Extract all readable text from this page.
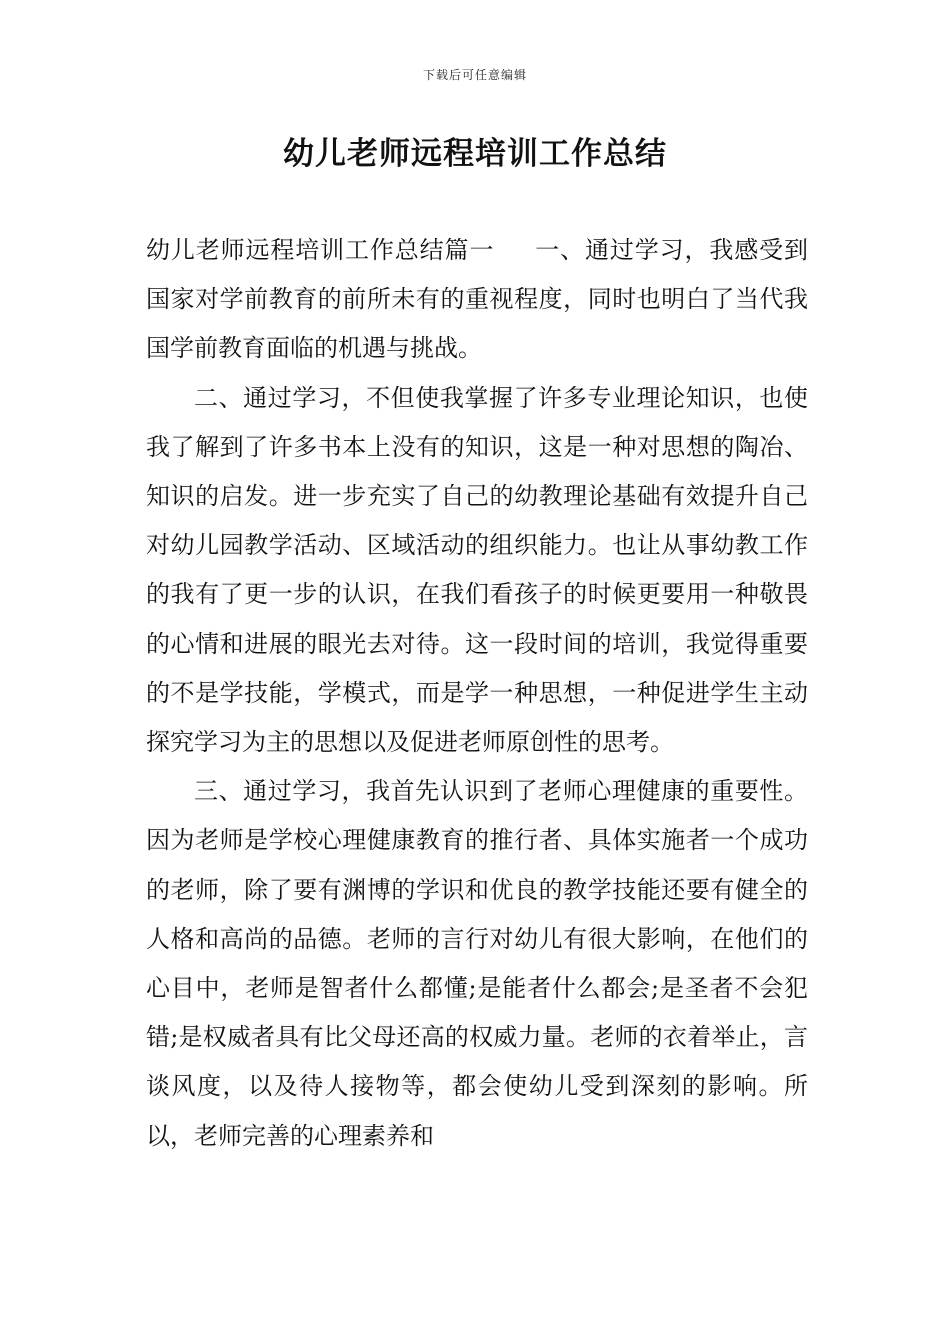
下载后可任意编辑
幼儿老师远程培训工作总结

幼儿老师远程培训工作总结篇一 一、通过学习，我感受到国家对学前教育的前所未有的重视程度，同时也明白了当代我国学前教育面临的机遇与挑战。

二、通过学习，不但使我掌握了许多专业理论知识，也使我了解到了许多书本上没有的知识，这是一种对思想的陶冶、知识的启发。进一步充实了自己的幼教理论基础有效提升自己对幼儿园教学活动、区域活动的组织能力。也让从事幼教工作的我有了更一步的认识，在我们看孩子的时候更要用一种敬畏的心情和进展的眼光去对待。这一段时间的培训，我觉得重要的不是学技能，学模式，而是学一种思想，一种促进学生主动探究学习为主的思想以及促进老师原创性的思考。

三、通过学习，我首先认识到了老师心理健康的重要性。因为老师是学校心理健康教育的推行者、具体实施者一个成功的老师，除了要有渊博的学识和优良的教学技能还要有健全的人格和高尚的品德。老师的言行对幼儿有很大影响，在他们的心目中，老师是智者什么都懂;是能者什么都会;是圣者不会犯错;是权威者具有比父母还高的权威力量。老师的衣着举止，言谈风度，以及待人接物等，都会使幼儿受到深刻的影响。所以，老师完善的心理素养和
